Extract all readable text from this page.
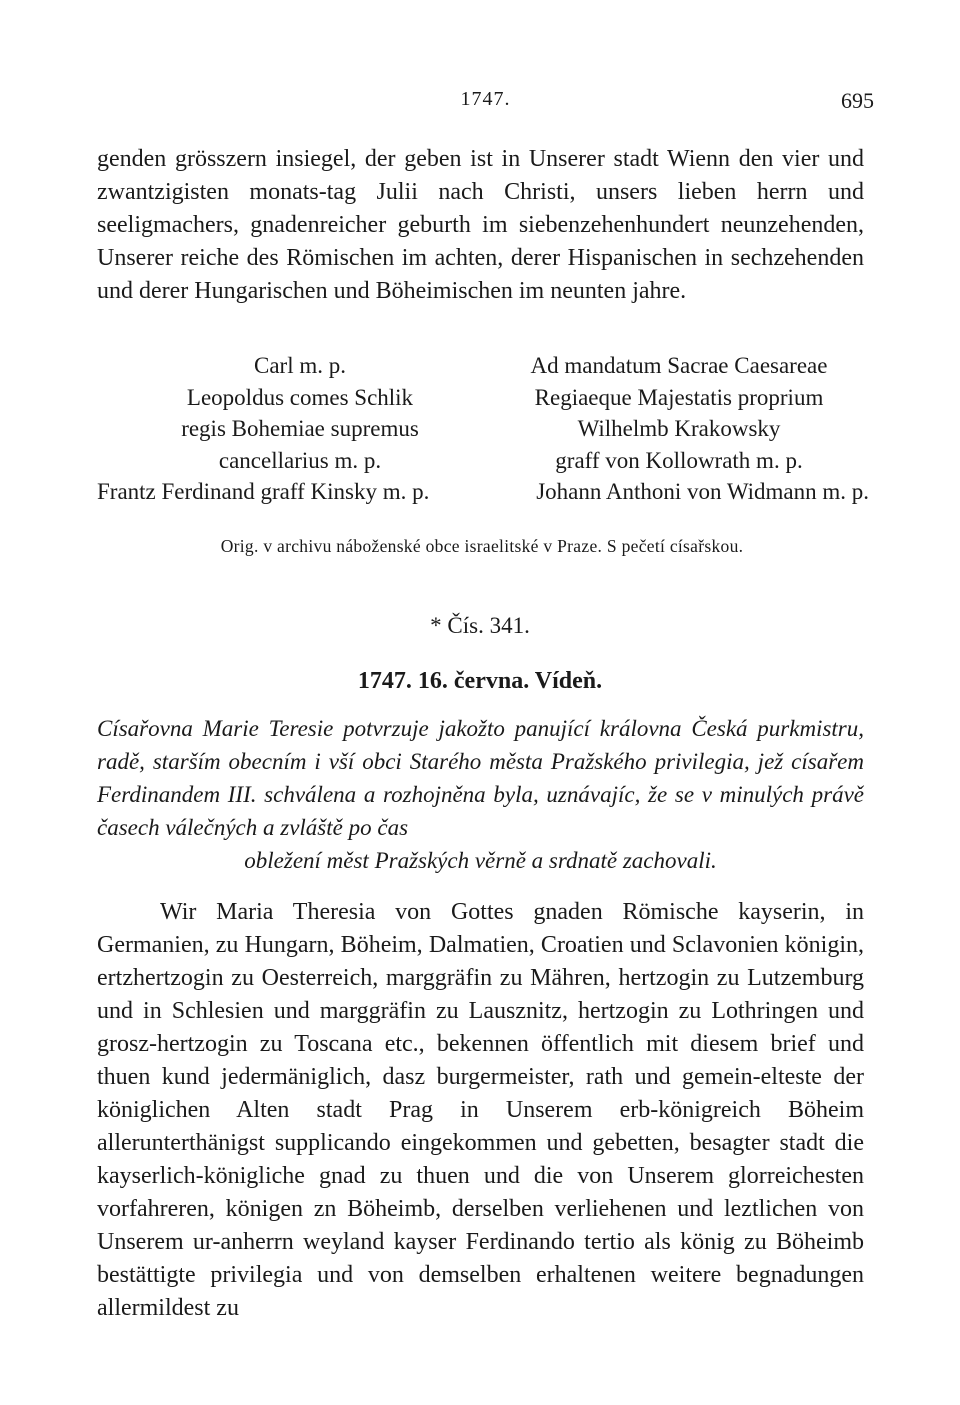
1747.	695

genden grösszern insiegel, der geben ist in Unserer stadt Wienn den vier und zwantzigisten monats-tag Julii nach Christi, unsers lieben herrn und seeligmachers, gnadenreicher geburth im siebenzehenhundert neunzehenden, Unserer reiche des Römischen im achten, derer Hispanischen in sechzehenden und derer Hungarischen und Böheimischen im neunten jahre.

Carl m. p.
Leopoldus comes Schlik
regis Bohemiae supremus
cancellarius m. p.
Ad mandatum Sacrae Caesareae
Regiaeque Majestatis proprium
Wilhelmb Krakowsky
graff von Kollowrath m. p.
Frantz Ferdinand graff Kinsky m. p.	Johann Anthoni von Widmann m. p.
Orig. v archivu náboženské obce israelitské v Praze. S pečetí císařskou.
* Čís. 341.
1747. 16. června. Vídeň.
Císařovna Marie Teresie potvrzuje jakožto panující královna Česká purkmistru, radě, starším obecním i vší obci Starého města Pražského privilegia, jež císařem Ferdinandem III. schválena a rozhojněna byla, uznávajíc, že se v minulých právě časech válečných a zvláště po čas
obležení měst Pražských věrně a srdnatě zachovali.

Wir Maria Theresia von Gottes gnaden Römische kayserin, in Germanien, zu Hungarn, Böheim, Dalmatien, Croatien und Sclavonien königin, ertzhertzogin zu Oesterreich, marggräfin zu Mähren, hertzogin zu Lutzemburg und in Schlesien und marggräfin zu Lausznitz, hertzogin zu Lothringen und grosz-hertzogin zu Toscana etc., bekennen öffentlich mit diesem brief und thuen kund jedermäniglich, dasz burgermeister, rath und gemein-elteste der königlichen Alten stadt Prag in Unserem erb-königreich Böheim allerunterthänigst supplicando eingekommen und gebetten, besagter stadt die kayserlich-königliche gnad zu thuen und die von Unserem glorreichesten vorfahreren, königen zn Böheimb, derselben verliehenen und leztlichen von Unserem ur-anherrn weyland kayser Ferdinando tertio als könig zu Böheimb bestättigte privilegia und von demselben erhaltenen weitere begnadungen allermildest zu
